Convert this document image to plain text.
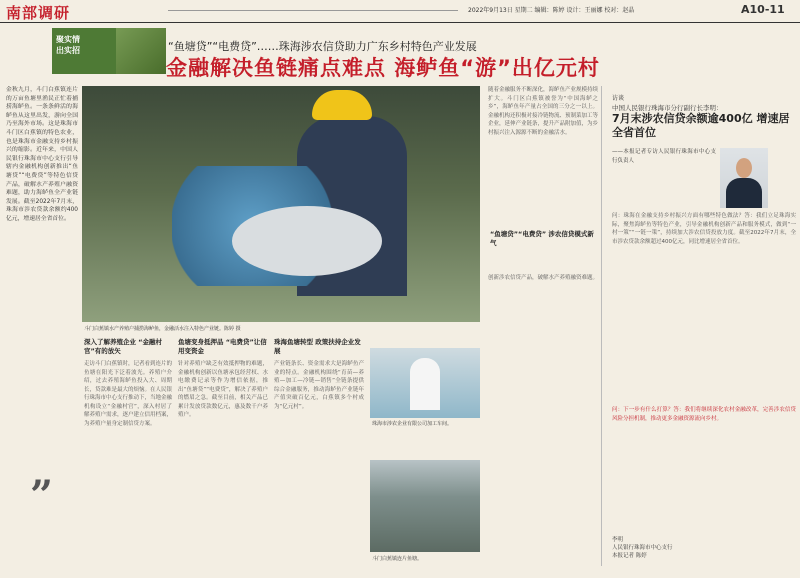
南部调研	2022年9月13日 星期二 编辑：陈婷 设计：王丽娜 校对：赵晶	A10-11
聚实情
出实招	“鱼塘贷”“电费贷”……珠海涉农信贷助力广东乡村特色产业发展
金融解决鱼链痛点难点 海鲈鱼“游”出亿元村
金秋九月，斗门白蕉镇连片的万亩鱼塘里渔民正忙着捕捞海鲈鱼。一条条鲜活的海鲈鱼从这里出发，游向全国乃至海外市场。这是珠海市斗门区白蕉镇的特色农业，也是珠海市金融支持乡村振兴的缩影。近年来，中国人民银行珠海市中心支行引导辖内金融机构创新推出“鱼塘贷”“电费贷”等特色信贷产品，破解水产养殖户融资难题，助力海鲈鱼全产业链发展。截至2022年7月末，珠海市涉农贷款余额约400亿元，增速居全省首位。
”
斗门白蕉镇水产养殖户捕捞海鲈鱼，金融活水注入特色产业链。陈婷 摄
深入了解养殖企业 “金融村官”有的放矢
走访斗门白蕉镇时，记者看到连片的鱼塘在阳光下泛着波光。养殖户介绍，过去养殖海鲈鱼投入大、周期长，贷款难是最大的烦恼。在人民银行珠海市中心支行推动下，当地金融机构设立“金融村官”，深入村居了解养殖户需求，逐户建立信用档案，为养殖户量身定制信贷方案。
鱼塘变身抵押品 “电费贷”让信用变资金
针对养殖户缺乏有效抵押物的难题，金融机构创新以鱼塘承包经营权、水电缴费记录等作为增信依据，推出“鱼塘贷”“电费贷”，解决了养殖户的燃眉之急。截至目前，相关产品已累计发放贷款数亿元，惠及数千户养殖户。
珠海鱼塘转型 政策扶持企业发展
产业链条长、资金需求大是海鲈鱼产业的特点。金融机构围绕“育苗—养殖—加工—冷链—销售”全链条提供综合金融服务，推动海鲈鱼产业链年产值突破百亿元，白蕉镇多个村成为“亿元村”。
珠海市涉农企业有限公司加工车间。
斗门白蕉镇连片鱼塘。
随着金融服务不断深化，海鲈鱼产业规模持续扩大。斗门区白蕉镇被誉为“中国海鲈之乡”，海鲈鱼年产量占全国的三分之一以上。金融机构还积极对接冷链物流、预制菜加工等企业，延伸产业链条，提升产品附加值，为乡村振兴注入源源不断的金融活水。
“鱼塘贷”“电费贷” 涉农信贷模式新气
创新涉农信贷产品，破解水产养殖融资难题。
访谈
中国人民银行珠海市分行副行长李明：
7月末涉农信贷余额逾400亿 增速居全省首位
——本报记者专访人民银行珠海市中心支行负责人
问：珠海在金融支持乡村振兴方面有哪些特色做法？答：我们立足珠海实际，聚焦海鲈鱼等特色产业，引导金融机构创新产品和服务模式，做到“一村一策”“一链一策”，持续加大涉农信贷投放力度。截至2022年7月末，全市涉农贷款余额超过400亿元，同比增速居全省首位。
问：下一步有什么打算？答：我们将继续深化农村金融改革，完善涉农信贷风险分担机制，推动更多金融资源流向乡村。
李明
人民银行珠海市中心支行
本报记者 陈婷
